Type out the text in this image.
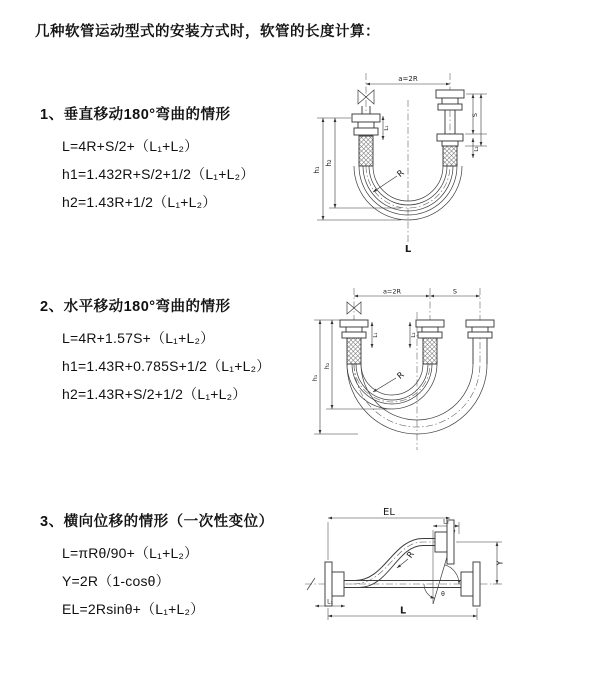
几种软管运动型式的安装方式时，软管的长度计算：
1、垂直移动180°弯曲的情形
L=4R+S/2+（L₁+L₂）
h1=1.432R+S/2+1/2（L₁+L₂）
h2=1.43R+1/2（L₁+L₂）
a=2R
h₁
h₂
L₁
S
L₂
R
L
2、水平移动180°弯曲的情形
L=4R+1.57S+（L₁+L₂）
h1=1.43R+0.785S+1/2（L₁+L₂）
h2=1.43R+S/2+1/2（L₁+L₂）
a=2R	S
h₁
h₂
L₁	L₂
R
3、横向位移的情形（一次性变位）
L=πRθ/90+（L₁+L₂）
Y=2R（1-cosθ）
EL=2Rsinθ+（L₁+L₂）
EL
L₂
Y
R
θ
L
L₁
